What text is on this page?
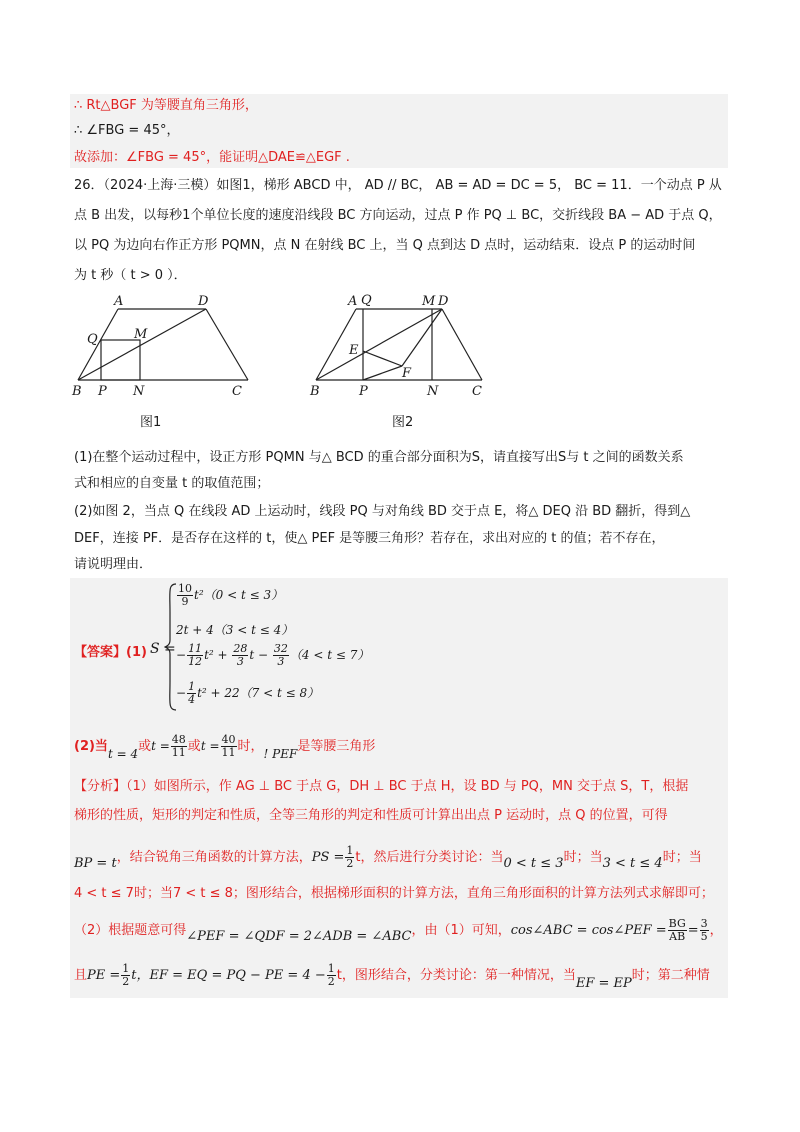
∴ Rt△BGF 为等腰直角三角形，
∴ ∠FBG = 45°，
故添加：∠FBG = 45°，能证明△DAE≌△EGF .
26．（2024·上海·三模）如图1，梯形 ABCD 中， AD // BC， AB = AD = DC = 5， BC = 11．一个动点 P 从
点 B 出发，以每秒1个单位长度的速度沿线段 BC 方向运动，过点 P 作 PQ ⊥ BC，交折线段 BA − AD 于点 Q，
以 PQ 为边向右作正方形 PQMN，点 N 在射线 BC 上，当 Q 点到达 D 点时，运动结束．设点 P 的运动时间
为 t 秒（ t > 0 ）．
A	D
Q	M
B P N	C
图1
A Q	M D
E
F
B	P	N	C
图2
(1)在整个运动过程中，设正方形 PQMN 与△ BCD 的重合部分面积为S，请直接写出S与 t 之间的函数关系
式和相应的自变量 t 的取值范围；
(2)如图 2，当点 Q 在线段 AD 上运动时，线段 PQ 与对角线 BD 交于点 E，将△ DEQ 沿 BD 翻折，得到△
DEF，连接 PF．是否存在这样的 t，使△ PEF 是等腰三角形？若存在，求出对应的 t 的值；若不存在，
请说明理由．
【答案】(1) S =
$\frac{10}{9} t^2(0 < t \le 3)$
2t + 4（3 < t ≤ 4）
− $\frac{11}{12} t^2 + \frac{28}{3}$ $t - \frac{32}{3} (4 < t \le 7)$
− $\frac{1}{4} t^2 + 22(7 < t \le 8)$
(2)当t = 4或$t = \frac{48}{11}$ 或$t = \frac{40}{11}$ 时，! PEF是等腰三角形
【分析】（1）如图所示，作 AG ⊥ BC 于点 G，DH ⊥ BC 于点 H，设 BD 与 PQ，MN 交于点 S，T，根据
梯形的性质，矩形的判定和性质，全等三角形的判定和性质可计算出出点 P 运动时，点 Q 的位置，可得
BP = t，结合锐角三角函数的计算方法，PS = $\frac{1}{2}$ t，然后进行分类讨论：当0 < t ≤ 3时；当3 < t ≤ 4时；当
4 < t ≤ 7时；当7 < t ≤ 8；图形结合，根据梯形面积的计算方法，直角三角形面积的计算方法列式求解即可；
（2）根据题意可得∠PEF = ∠QDF = 2∠ADB = ∠ABC，由（1）可知，cos∠ABC = cos∠PEF = $\frac{BG}{AB} = \frac{3}{5}$ ，
且PE = $\frac{1}{2}$ t，EF = EQ = PQ − PE = $4 - \frac{1}{2}$ t，图形结合，分类讨论：第一种情况，当EF = EP时；第二种情
